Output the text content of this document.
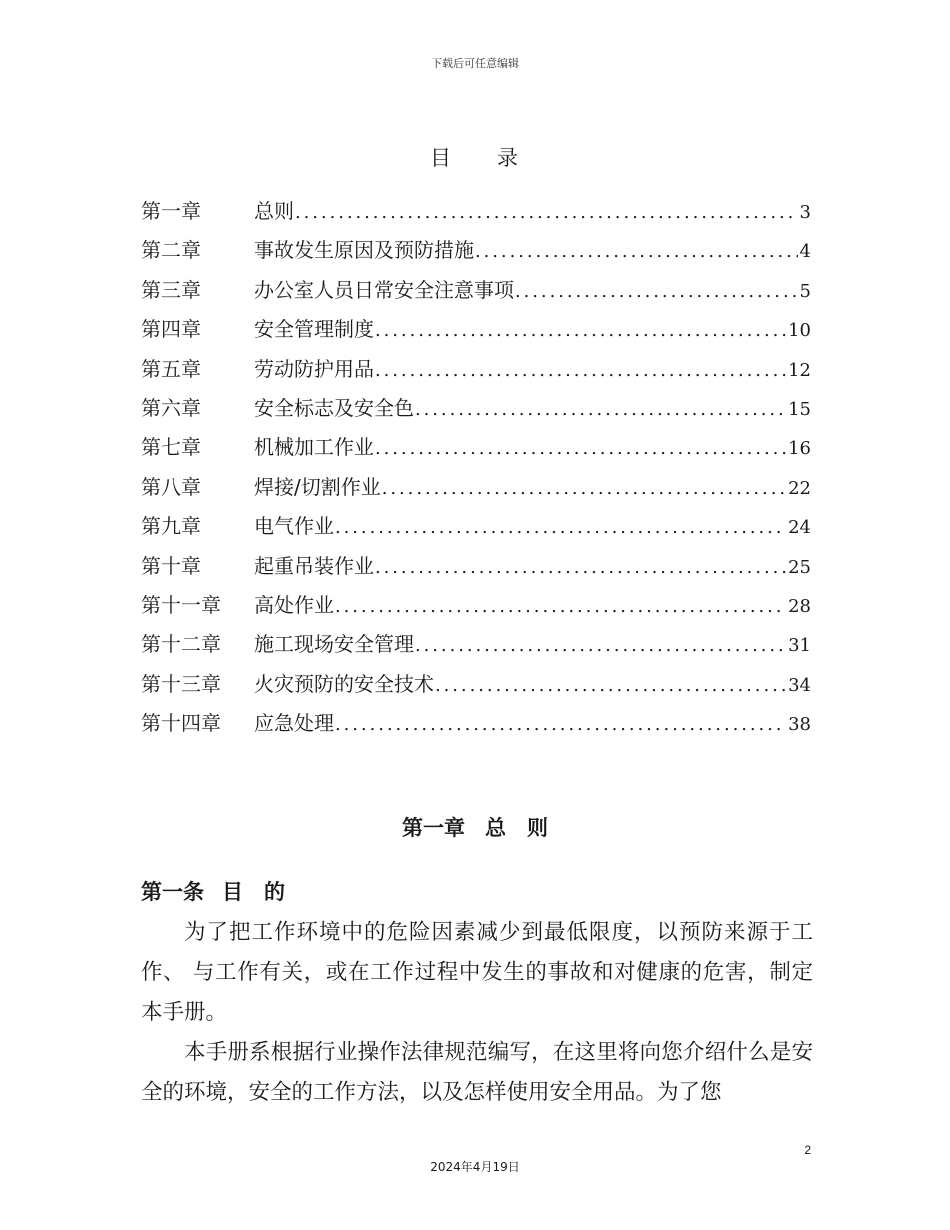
下载后可任意编辑
目 录
第一章	总则 . . .	3
第二章	事故发生原因及预防措施 . . .	4
第三章	办公室人员日常安全注意事项 . . .	5
第四章	安全管理制度 . . .	10
第五章	劳动防护用品 . . .	12
第六章	安全标志及安全色 . . .	15
第七章	机械加工作业 . . .	16
第八章	焊接/切割作业 . . .	22
第九章	电气作业 . . .	24
第十章	起重吊装作业 . . .	25
第十一章	高处作业 . . .	28
第十二章	施工现场安全管理 . . .	31
第十三章	火灾预防的安全技术 . . .	34
第十四章	应急处理 . . .	38
第一章 总　则
第一条 目　的

为了把工作环境中的危险因素减少到最低限度，以预防来源于工作、 与工作有关，或在工作过程中发生的事故和对健康的危害，制定本手册。

本手册系根据行业操作法律规范编写，在这里将向您介绍什么是安全的环境，安全的工作方法，以及怎样使用安全用品。为了您

2
2024年4月19日
